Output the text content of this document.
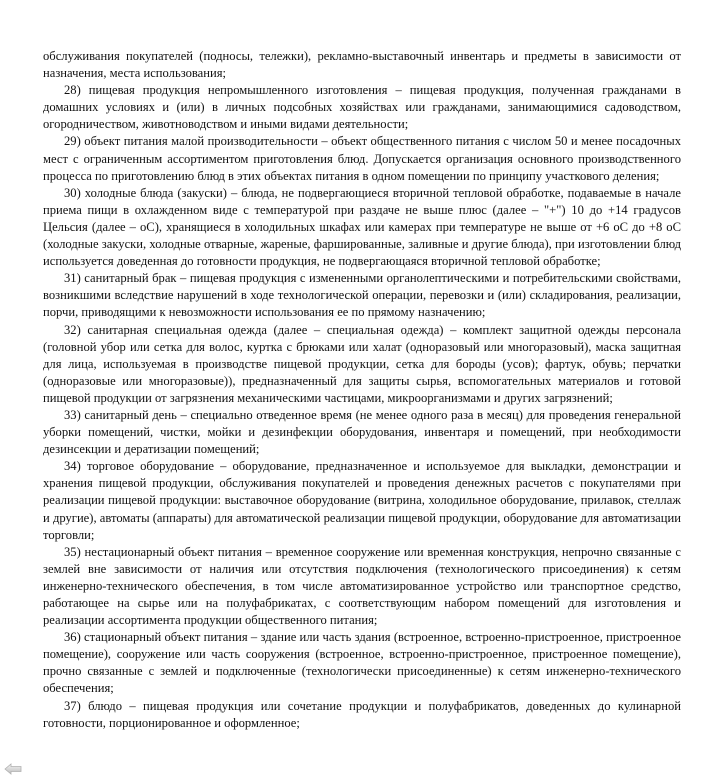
обслуживания покупателей (подносы, тележки), рекламно-выставочный инвентарь и предметы в зависимости от назначения, места использования;

28) пищевая продукция непромышленного изготовления – пищевая продукция, полученная гражданами в домашних условиях и (или) в личных подсобных хозяйствах или гражданами, занимающимися садоводством, огородничеством, животноводством и иными видами деятельности;

29) объект питания малой производительности – объект общественного питания с числом 50 и менее посадочных мест с ограниченным ассортиментом приготовления блюд. Допускается организация основного производственного процесса по приготовлению блюд в этих объектах питания в одном помещении по принципу участкового деления;

30) холодные блюда (закуски) – блюда, не подвергающиеся вторичной тепловой обработке, подаваемые в начале приема пищи в охлажденном виде с температурой при раздаче не выше плюс (далее – "+") 10 до +14 градусов Цельсия (далее – оС), хранящиеся в холодильных шкафах или камерах при температуре не выше от +6 оС до +8 оС (холодные закуски, холодные отварные, жареные, фаршированные, заливные и другие блюда), при изготовлении блюд используется доведенная до готовности продукция, не подвергающаяся вторичной тепловой обработке;

31) санитарный брак – пищевая продукция с измененными органолептическими и потребительскими свойствами, возникшими вследствие нарушений в ходе технологической операции, перевозки и (или) складирования, реализации, порчи, приводящими к невозможности использования ее по прямому назначению;

32) санитарная специальная одежда (далее – специальная одежда) – комплект защитной одежды персонала (головной убор или сетка для волос, куртка с брюками или халат (одноразовый или многоразовый), маска защитная для лица, используемая в производстве пищевой продукции, сетка для бороды (усов); фартук, обувь; перчатки (одноразовые или многоразовые)), предназначенный для защиты сырья, вспомогательных материалов и готовой пищевой продукции от загрязнения механическими частицами, микроорганизмами и других загрязнений;

33) санитарный день – специально отведенное время (не менее одного раза в месяц) для проведения генеральной уборки помещений, чистки, мойки и дезинфекции оборудования, инвентаря и помещений, при необходимости дезинсекции и дератизации помещений;

34) торговое оборудование – оборудование, предназначенное и используемое для выкладки, демонстрации и хранения пищевой продукции, обслуживания покупателей и проведения денежных расчетов с покупателями при реализации пищевой продукции: выставочное оборудование (витрина, холодильное оборудование, прилавок, стеллаж и другие), автоматы (аппараты) для автоматической реализации пищевой продукции, оборудование для автоматизации торговли;

35) нестационарный объект питания – временное сооружение или временная конструкция, непрочно связанные с землей вне зависимости от наличия или отсутствия подключения (технологического присоединения) к сетям инженерно-технического обеспечения, в том числе автоматизированное устройство или транспортное средство, работающее на сырье или на полуфабрикатах, с соответствующим набором помещений для изготовления и реализации ассортимента продукции общественного питания;

36) стационарный объект питания – здание или часть здания (встроенное, встроенно-пристроенное, пристроенное помещение), сооружение или часть сооружения (встроенное, встроенно-пристроенное, пристроенное помещение), прочно связанные с землей и подключенные (технологически присоединенные) к сетям инженерно-технического обеспечения;

37) блюдо – пищевая продукция или сочетание продукции и полуфабрикатов, доведенных до кулинарной готовности, порционированное и оформленное;
